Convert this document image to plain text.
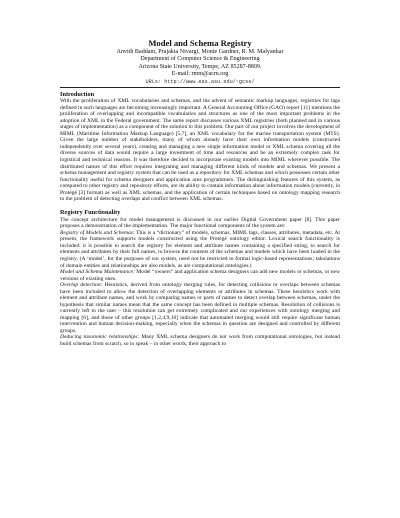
Model and Schema Registry
Anvith Baddam, Prajakta Nivargi, Monte Gardner, R. M. Malyankar
Department of Computer Science & Engineering
Arizona State University, Tempe, AZ 85287-8809.
E-mail: rmm@acm.org
URLs: http://www.eas.asu.edu/~gcss/
Introduction

With the proliferation of XML vocabularies and schemas, and the advent of semantic markup languages, registries for tags defined in such languages are becoming increasingly important. A General Accounting Office (GAO) report [11] mentions the proliferation of overlapping and incompatible vocabularies and structures as one of the most important problems in the adoption of XML in the Federal government. The same report discusses various XML registries (both planned and in various stages of implementation) as a component of the solution to this problem. Our part of our project involves the development of MIML (Maritime Information Markup Language) [5,7], an XML vocabulary for the marine transportation system (MTS). Given the large number of stakeholders, many of whom already have their own information models (constructed independently over several years), creating and managing a new single information model or XML schema covering all the diverse sources of data would require a large investment of time and resources and be an extremely complex task for logistical and technical reasons. It was therefore decided to incorporate existing models into MIML wherever possible. The distributed nature of this effort requires integrating and managing different kinds of models and schemas. We present a schema management and registry system that can be used as a repository for XML schemas and which possesses certain other functionality useful for schema designers and application area programmers. The distinguishing features of this system, as compared to other registry and repository efforts, are its ability to contain information about information models (currently, in Protégé [3] format) as well as XML schemas, and the application of certain techniques based on ontology mapping research to the problem of detecting overlaps and conflict between XML schemas.

Registry Functionality

The concept architecture for model management is discussed in our earlier Digital Government paper [8]. This paper proposes a demonstration of the implementation. The major functional components of the system are:

Registry of Models and Schemas: This is a “dictionary” of models, schemas, MIML tags, classes, attributes, metadata, etc. At present, the framework supports models constructed using the Protégé ontology editor. Lexical search functionality is included: it is possible to search the registry for element and attribute names containing a specified string, to search for elements and attributes by their full names, to browse the contents of the schemas and models which have been loaded in the registry. (A ‘model’, for the purposes of our system, need not be restricted to formal logic-based representations; tabulations of domain entities and relationships are also models, as are computational ontologies.)

Model and Schema Maintenance: Model “owners” and application schema designers can add new models or schemas, or new versions of existing ones.

Overlap detection: Heuristics, derived from ontology merging rules, for detecting collisions or overlaps between schemas have been included to allow the detection of overlapping elements or attributes in schemas. These heuristics work with element and attribute names, and work by comparing names or parts of names to detect overlap between schemas, under the hypothesis that similar names mean that the same concept has been defined in multiple schemas. Resolution of collisions is currently left to the user – this resolution can get extremely complicated and our experiences with ontology merging and mapping [6], and those of other groups [1,2,4,9,10] indicate that automated merging would still require significant human intervention and human decision-making, especially when the schemas in question are designed and controlled by different groups.

Deducing taxonomic relationships: Many XML schema designers do not work from computational ontologies, but instead build schemas from scratch, so to speak – in other words, their approach to
